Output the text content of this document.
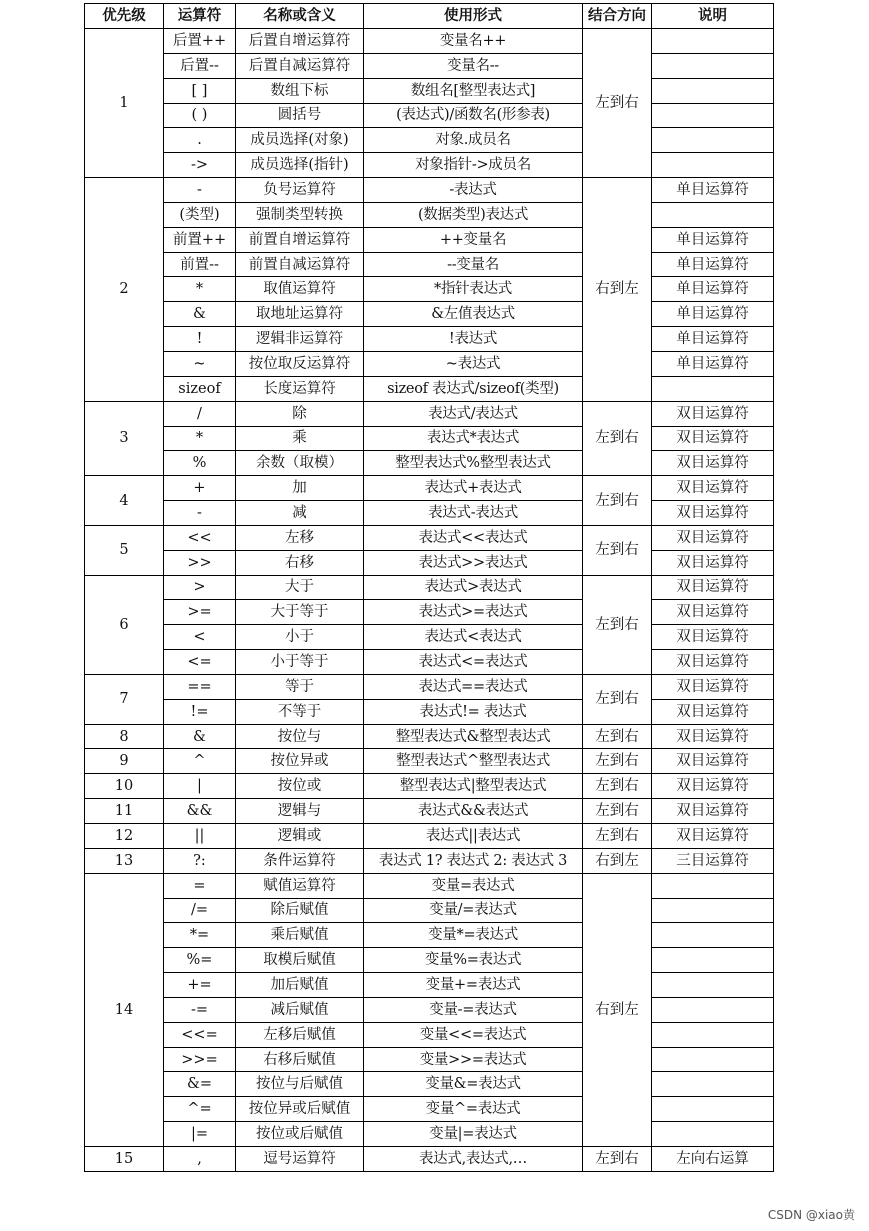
优先级	运算符	名称或含义	使用形式	结合方向	说明
1	后置++	后置自增运算符	变量名++	左到右	
	后置--	后置自减运算符	变量名--		
	[ ]	数组下标	数组名[整型表达式]		
	( )	圆括号	(表达式)/函数名(形参表)		
	.	成员选择(对象)	对象.成员名		
	->	成员选择(指针)	对象指针->成员名		
2	-	负号运算符	-表达式	右到左	单目运算符
	(类型)	强制类型转换	(数据类型)表达式		
	前置++	前置自增运算符	++变量名		单目运算符
	前置--	前置自减运算符	--变量名		单目运算符
	*	取值运算符	*指针表达式		单目运算符
	&	取地址运算符	&左值表达式		单目运算符
	!	逻辑非运算符	!表达式		单目运算符
	~	按位取反运算符	~表达式		单目运算符
	sizeof	长度运算符	sizeof 表达式/sizeof(类型)		
3	/	除	表达式/表达式	左到右	双目运算符
	*	乘	表达式*表达式		双目运算符
	%	余数（取模）	整型表达式%整型表达式		双目运算符
4	+	加	表达式+表达式	左到右	双目运算符
	-	减	表达式-表达式		双目运算符
5	<<	左移	表达式<<表达式	左到右	双目运算符
	>>	右移	表达式>>表达式		双目运算符
6	>	大于	表达式>表达式	左到右	双目运算符
	>=	大于等于	表达式>=表达式		双目运算符
	<	小于	表达式<表达式		双目运算符
	<=	小于等于	表达式<=表达式		双目运算符
7	==	等于	表达式==表达式	左到右	双目运算符
	!=	不等于	表达式!= 表达式		双目运算符
8	&	按位与	整型表达式&整型表达式	左到右	双目运算符
9	^	按位异或	整型表达式^整型表达式	左到右	双目运算符
10	|	按位或	整型表达式|整型表达式	左到右	双目运算符
11	&&	逻辑与	表达式&&表达式	左到右	双目运算符
12	||	逻辑或	表达式||表达式	左到右	双目运算符
13	?:	条件运算符	表达式 1? 表达式 2: 表达式 3	右到左	三目运算符
14	=	赋值运算符	变量=表达式	右到左	
	/=	除后赋值	变量/=表达式		
	*=	乘后赋值	变量*=表达式		
	%=	取模后赋值	变量%=表达式		
	+=	加后赋值	变量+=表达式		
	-=	减后赋值	变量-=表达式		
	<<=	左移后赋值	变量<<=表达式		
	>>=	右移后赋值	变量>>=表达式		
	&=	按位与后赋值	变量&=表达式		
	^=	按位异或后赋值	变量^=表达式		
	|=	按位或后赋值	变量|=表达式		
15	,	逗号运算符	表达式,表达式,…	左到右	左向右运算
CSDN @xiao黄
